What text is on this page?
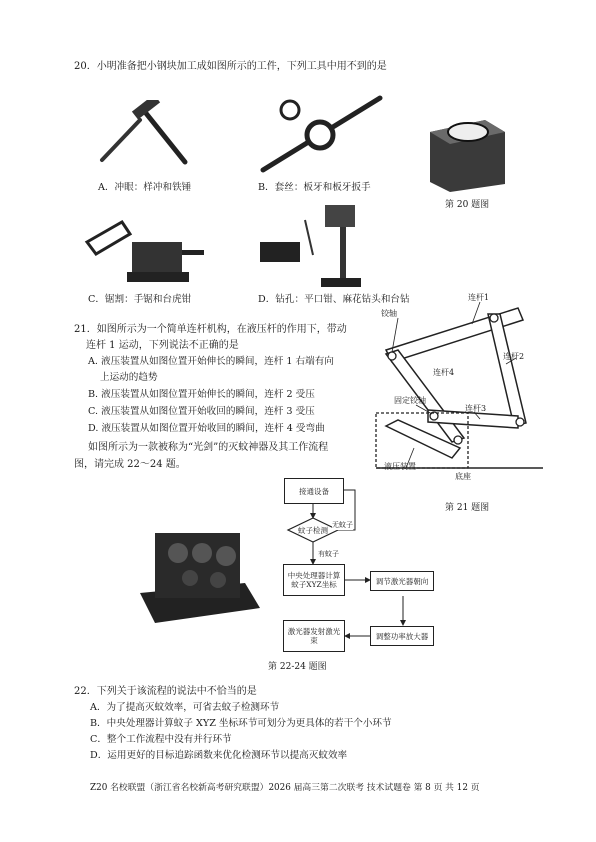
20．小明准备把小钢块加工成如图所示的工件，下列工具中用不到的是
A．冲眼：样冲和铁锤	B．套丝：板牙和板牙扳手
第 20 题图
C．锯割：手锯和台虎钳	D．钻孔：平口钳、麻花钻头和台钻
21．如图所示为一个简单连杆机构，在液压杆的作用下，带动
连杆 1 运动，下列说法不正确的是
A. 液压装置从如图位置开始伸长的瞬间，连杆 1 右端有向
上运动的趋势
B. 液压装置从如图位置开始伸长的瞬间，连杆 2 受压
C. 液压装置从如图位置开始收回的瞬间，连杆 3 受压
D. 液压装置从如图位置开始收回的瞬间，连杆 4 受弯曲
连杆1
铰轴
连杆2
连杆4
固定铰轴
连杆3
液压装置
底座
第 21 题图
如图所示为一款被称为“光剑”的灭蚊神器及其工作流程
图，请完成 22～24 题。
接通设备
蚊子检测
无蚊子
有蚊子
中央处理器计算蚊子XYZ坐标	调节激光器朝向
调整功率放大器
激光器发射激光束
第 22-24 题图
22．下列关于该流程的说法中不恰当的是
A．为了提高灭蚊效率，可省去蚊子检测环节
B．中央处理器计算蚊子 XYZ 坐标环节可划分为更具体的若干个小环节
C．整个工作流程中没有并行环节
D．运用更好的目标追踪函数来优化检测环节以提高灭蚊效率
Z20 名校联盟（浙江省名校新高考研究联盟）2026 届高三第二次联考 技术试题卷 第 8 页 共 12 页
